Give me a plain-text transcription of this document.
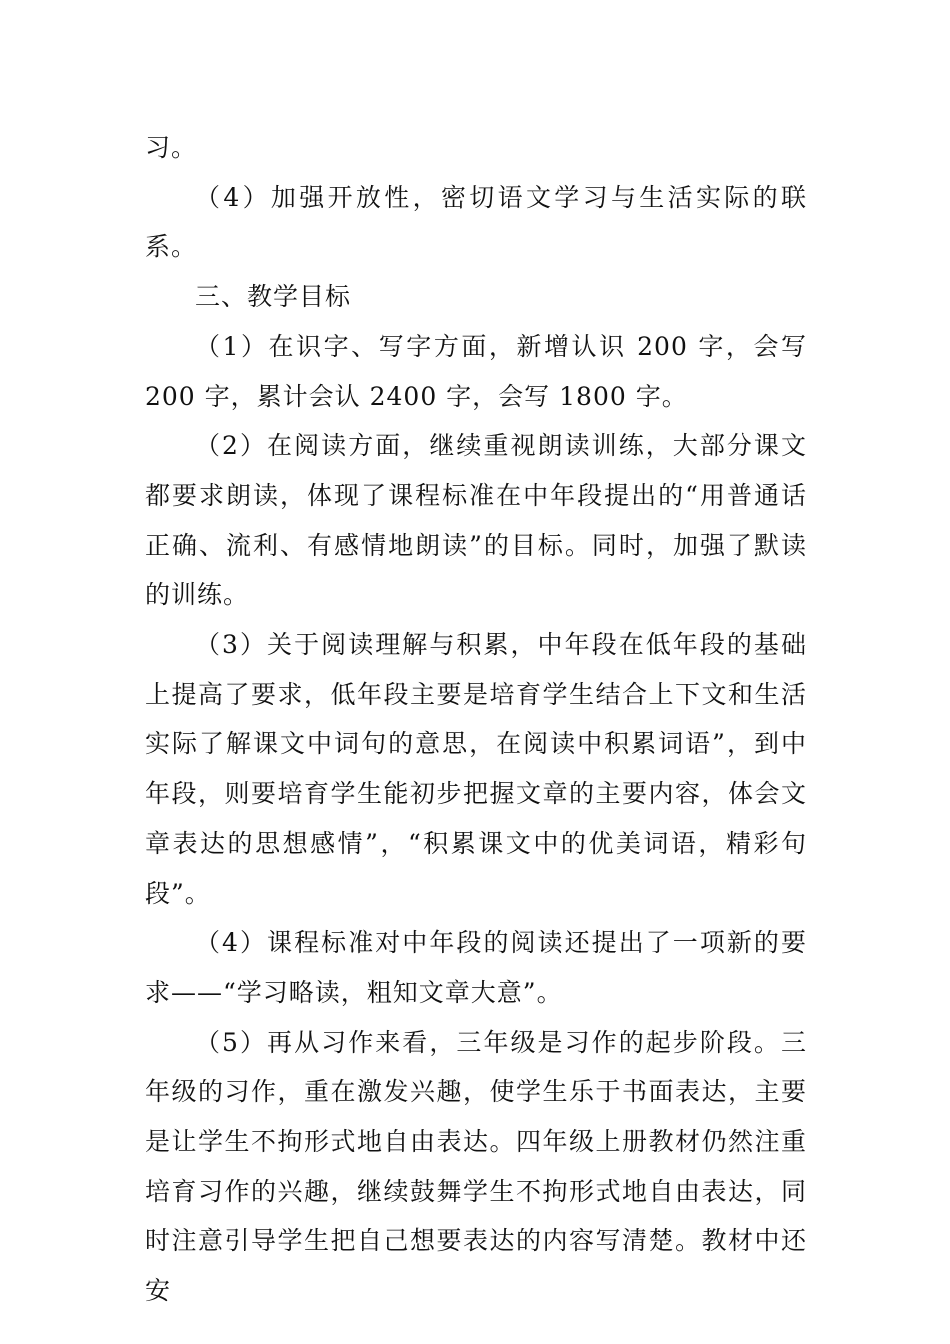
习。

（4）加强开放性，密切语文学习与生活实际的联系。

三、教学目标

（1）在识字、写字方面，新增认识 200 字，会写 200 字，累计会认 2400 字，会写 1800 字。

（2）在阅读方面，继续重视朗读训练，大部分课文都要求朗读，体现了课程标准在中年段提出的“用普通话正确、流利、有感情地朗读”的目标。同时，加强了默读的训练。

（3）关于阅读理解与积累，中年段在低年段的基础上提高了要求，低年段主要是培育学生结合上下文和生活实际了解课文中词句的意思，在阅读中积累词语”，到中年段，则要培育学生能初步把握文章的主要内容，体会文章表达的思想感情”，“积累课文中的优美词语，精彩句段”。

（4）课程标准对中年段的阅读还提出了一项新的要求——“学习略读，粗知文章大意”。

（5）再从习作来看，三年级是习作的起步阶段。三年级的习作，重在激发兴趣，使学生乐于书面表达，主要是让学生不拘形式地自由表达。四年级上册教材仍然注重培育习作的兴趣，继续鼓舞学生不拘形式地自由表达，同时注意引导学生把自己想要表达的内容写清楚。教材中还安
